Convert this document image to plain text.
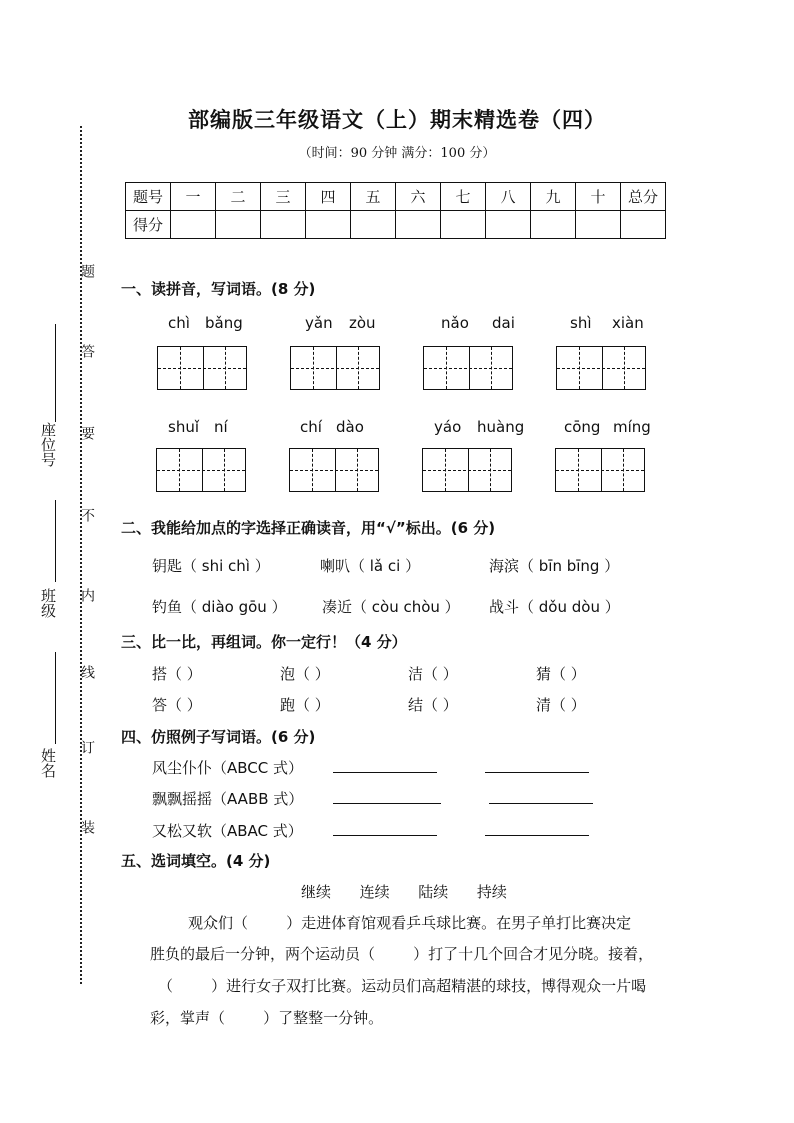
部编版三年级语文（上）期末精选卷（四）
（时间：90 分钟 满分：100 分）
题号	一	二	三	四	五	六	七	八	九	十	总分
得分											
题
答
要
不
内
线
订
装
座位号
班级
姓名
一、读拼音，写词语。(8 分)
chì bǎng	yǎn zòu	nǎo dai	shì xiàn
shuǐ ní	chí dào	yáo huàng	cōng míng
二、我能给加点的字选择正确读音，用“√”标出。(6 分)
钥匙（ shi chì ）	喇叭（ lǎ ci ）	海滨（ bīn bīng ）
钓鱼（ diào gōu ） 凑近（ còu chòu ） 战斗（ dǒu dòu ）
三、比一比，再组词。你一定行！（4 分）
搭（ ）	泡（ ）	洁（ ）	猜（ ）
答（ ）	跑（ ）	结（ ）	清（ ）
四、仿照例子写词语。(6 分)
风尘仆仆（ABCC 式）
飘飘摇摇（AABB 式）
又松又软（ABAC 式）
五、选词填空。(4 分)
继续      连续      陆续      持续
观众们（        ）走进体育馆观看乒乓球比赛。在男子单打比赛决定
胜负的最后一分钟，两个运动员（        ）打了十几个回合才见分晓。接着，
（        ）进行女子双打比赛。运动员们高超精湛的球技，博得观众一片喝
彩，掌声（        ）了整整一分钟。
